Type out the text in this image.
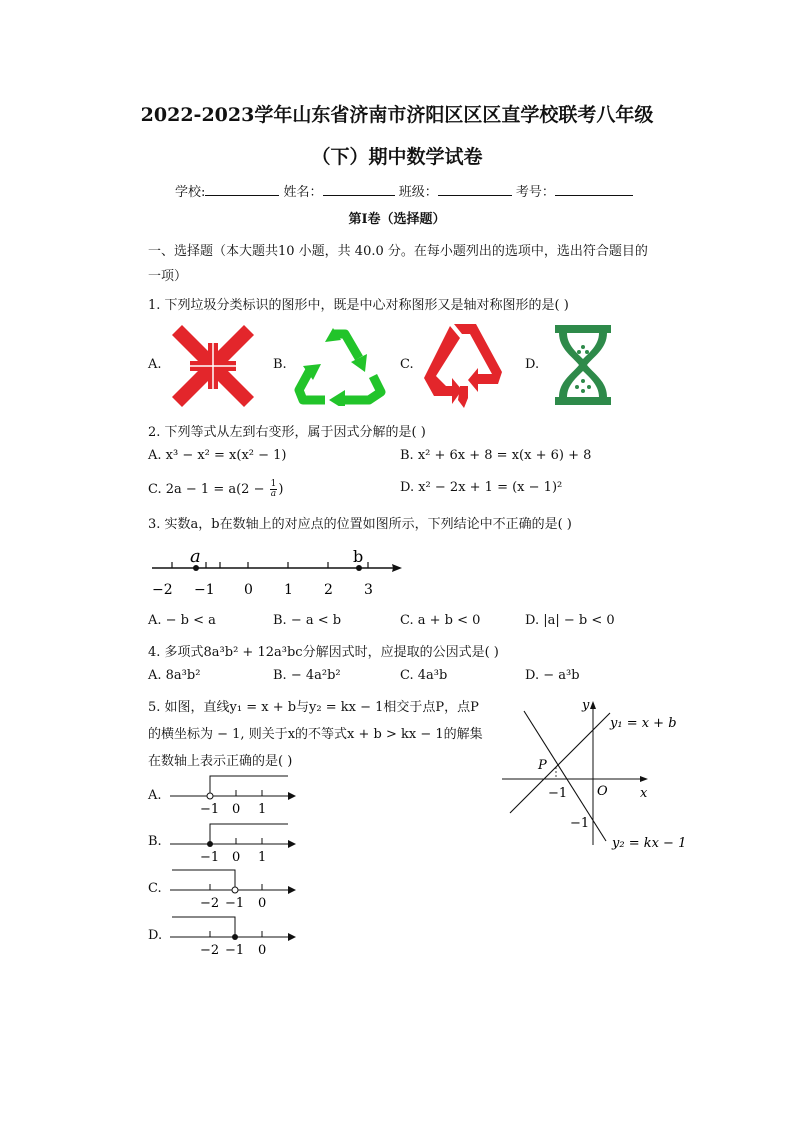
2022-2023学年山东省济南市济阳区区区直学校联考八年级
（下）期中数学试卷
学校:	姓名：	班级：	考号：
第I卷（选择题）
一、选择题（本大题共10 小题，共 40.0 分。在每小题列出的选项中，选出符合题目的
一项）
1. 下列垃圾分类标识的图形中，既是中心对称图形又是轴对称图形的是( )
A.	B.	C.	D.
2. 下列等式从左到右变形，属于因式分解的是( )
A. x³ − x² = x(x² − 1)	B. x² + 6x + 8 = x(x + 6) + 8
C. $2a - 1 = a(2 - \frac{1}{a}$ )	D. x² − 2x + 1 = (x − 1)²
3. 实数a，b在数轴上的对应点的位置如图所示，下列结论中不正确的是( )
a	b
−2 −1 0 1 2 3
A. − b < a	B. − a < b	C. a + b < 0	D. |a| − b < 0
4. 多项式8a³b² + 12a³bc分解因式时，应提取的公因式是( )
A. 8a³b²	B. − 4a²b²	C. 4a³b	D. − a³b
5. 如图，直线y₁ = x + b与y₂ = kx − 1相交于点P，点P
的横坐标为 − 1, 则关于x的不等式x + b > kx − 1的解集
在数轴上表示正确的是( )
y
x
O
P
−1
−1
y₁ = x + b
y₂ = kx − 1
A.
−1 0 1
B.
−1 0 1
C.
−2 −1 0
D.
−2 −1 0
